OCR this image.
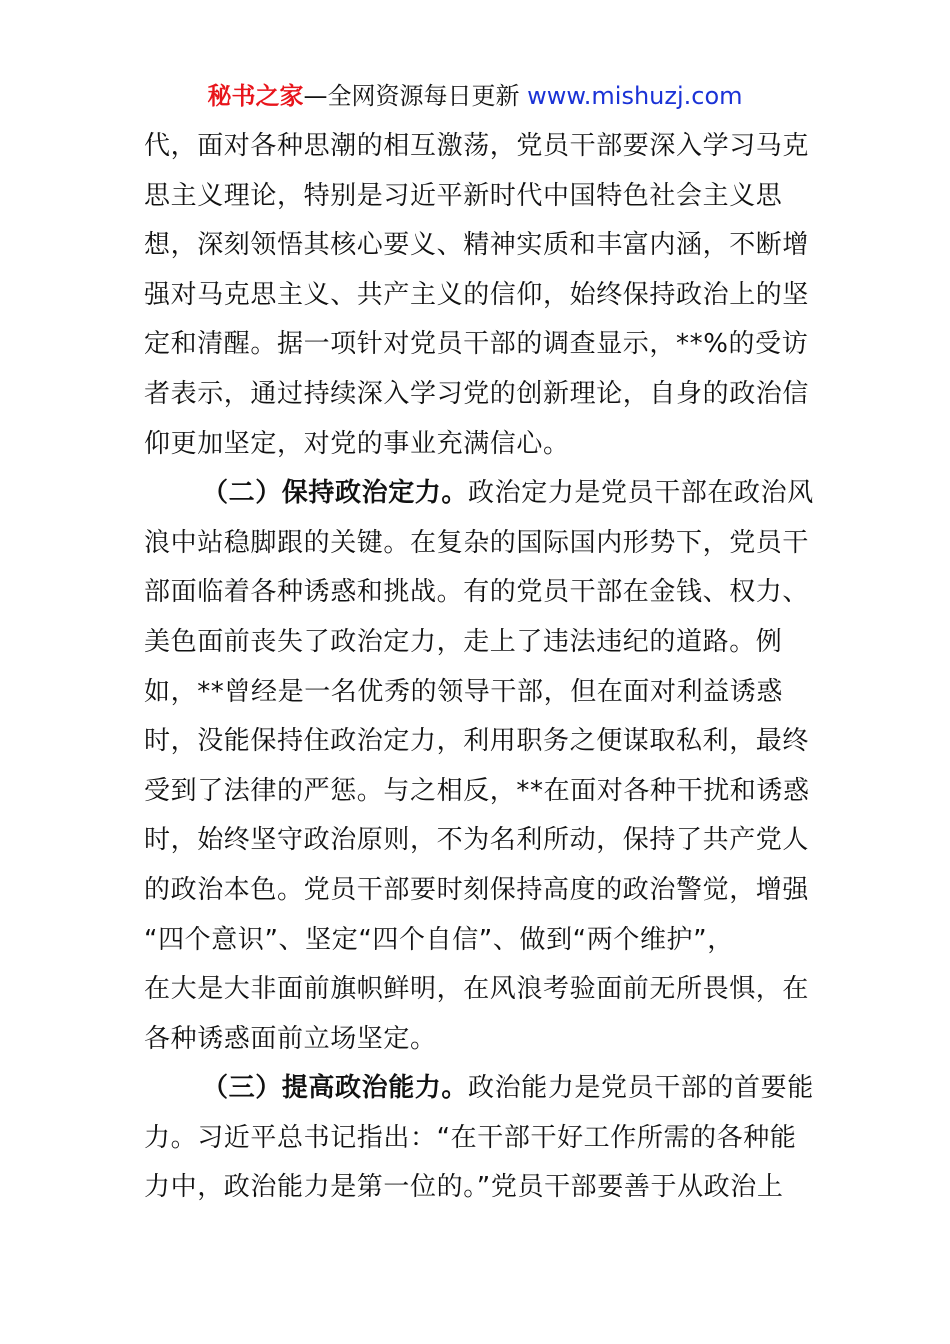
秘书之家—全网资源每日更新 www.mishuzj.com
代，面对各种思潮的相互激荡，党员干部要深入学习马克
思主义理论，特别是习近平新时代中国特色社会主义思
想，深刻领悟其核心要义、精神实质和丰富内涵，不断增
强对马克思主义、共产主义的信仰，始终保持政治上的坚
定和清醒。据一项针对党员干部的调查显示，**%的受访
者表示，通过持续深入学习党的创新理论，自身的政治信
仰更加坚定，对党的事业充满信心。
（二）保持政治定力。政治定力是党员干部在政治风
浪中站稳脚跟的关键。在复杂的国际国内形势下，党员干
部面临着各种诱惑和挑战。有的党员干部在金钱、权力、
美色面前丧失了政治定力，走上了违法违纪的道路。例
如，**曾经是一名优秀的领导干部，但在面对利益诱惑
时，没能保持住政治定力，利用职务之便谋取私利，最终
受到了法律的严惩。与之相反，**在面对各种干扰和诱惑
时，始终坚守政治原则，不为名利所动，保持了共产党人
的政治本色。党员干部要时刻保持高度的政治警觉，增强
“四个意识”、坚定“四个自信”、做到“两个维护”，
在大是大非面前旗帜鲜明，在风浪考验面前无所畏惧，在
各种诱惑面前立场坚定。
（三）提高政治能力。政治能力是党员干部的首要能
力。习近平总书记指出：“在干部干好工作所需的各种能
力中，政治能力是第一位的。”党员干部要善于从政治上
